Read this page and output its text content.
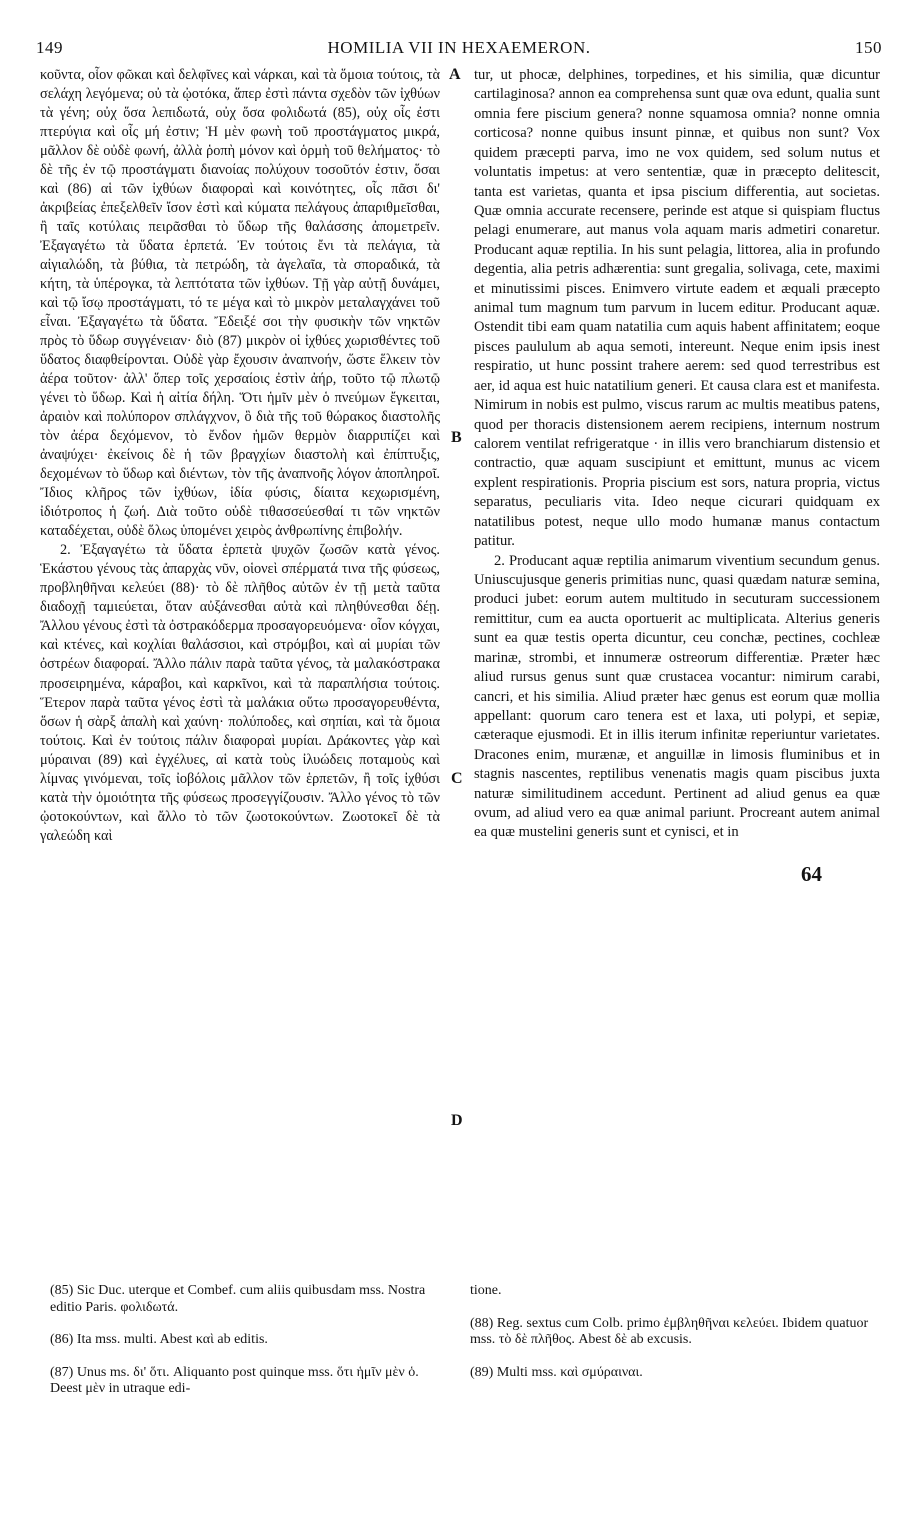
149	HOMILIA VII IN HEXAEMERON.	150
κοῦντα, οἷον φῶκαι καὶ δελφῖνες καὶ νάρκαι, καὶ τὰ ὅμοια τούτοις, τὰ σελάχη λεγόμενα; οὐ τὰ ᾠοτόκα, ἅπερ ἐστὶ πάντα σχεδὸν τῶν ἰχθύων τὰ γένη; οὐχ ὅσα λεπιδωτά, οὐχ ὅσα φολιδωτά (85), οὐχ οἷς ἐστι πτερύγια καὶ οἷς μή ἐστιν; Ἡ μὲν φωνὴ τοῦ προστάγματος μικρά, μᾶλλον δὲ οὐδὲ φωνή, ἀλλὰ ῥοπὴ μόνον καὶ ὁρμὴ τοῦ θελήματος· τὸ δὲ τῆς ἐν τῷ προστάγματι διανοίας πολύχουν τοσοῦτόν ἐστιν, ὅσαι καὶ (86) αἱ τῶν ἰχθύων διαφοραὶ καὶ κοινότητες, οἷς πᾶσι δι' ἀκριβείας ἐπεξελθεῖν ἴσον ἐστὶ καὶ κύματα πελάγους ἀπαριθμεῖσθαι, ἢ ταῖς κοτύλαις πειρᾶσθαι τὸ ὕδωρ τῆς θαλάσσης ἀπομετρεῖν. Ἐξαγαγέτω τὰ ὕδατα ἑρπετά. Ἐν τούτοις ἔνι τὰ πελάγια, τὰ αἰγιαλώδη, τὰ βύθια, τὰ πετρώδη, τὰ ἀγελαῖα, τὰ σποραδικά, τὰ κήτη, τὰ ὑπέρογκα, τὰ λεπτότατα τῶν ἰχθύων. Τῇ γὰρ αὐτῇ δυνάμει, καὶ τῷ ἴσῳ προστάγματι, τό τε μέγα καὶ τὸ μικρὸν μεταλαγχάνει τοῦ εἶναι. Ἐξαγαγέτω τὰ ὕδατα. Ἔδειξέ σοι τὴν φυσικὴν τῶν νηκτῶν πρὸς τὸ ὕδωρ συγγένειαν· διὸ (87) μικρὸν οἱ ἰχθύες χωρισθέντες τοῦ ὕδατος διαφθείρονται. Οὐδὲ γὰρ ἔχουσιν ἀναπνοήν, ὥστε ἕλκειν τὸν ἀέρα τοῦτον· ἀλλ' ὅπερ τοῖς χερσαίοις ἐστὶν ἀήρ, τοῦτο τῷ πλωτῷ γένει τὸ ὕδωρ. Καὶ ἡ αἰτία δήλη. Ὅτι ἡμῖν μὲν ὁ πνεύμων ἔγκειται, ἀραιὸν καὶ πολύπορον σπλάγχνον, ὃ διὰ τῆς τοῦ θώρακος διαστολῆς τὸν ἀέρα δεχόμενον, τὸ ἔνδον ἡμῶν θερμὸν διαρριπίζει καὶ ἀναψύχει· ἐκείνοις δὲ ἡ τῶν βραγχίων διαστολὴ καὶ ἐπίπτυξις, δεχομένων τὸ ὕδωρ καὶ διέντων, τὸν τῆς ἀναπνοῆς λόγον ἀποπληροῖ. Ἴδιος κλῆρος τῶν ἰχθύων, ἰδία φύσις, δίαιτα κεχωρισμένη, ἰδιότροπος ἡ ζωή. Διὰ τοῦτο οὐδὲ τιθασσεύεσθαί τι τῶν νηκτῶν καταδέχεται, οὐδὲ ὅλως ὑπομένει χειρὸς ἀνθρωπίνης ἐπιβολήν.
2. Ἐξαγαγέτω τὰ ὕδατα ἑρπετὰ ψυχῶν ζωσῶν κατὰ γένος. Ἑκάστου γένους τὰς ἀπαρχὰς νῦν, οἱονεὶ σπέρματά τινα τῆς φύσεως, προβληθῆναι κελεύει (88)· τὸ δὲ πλῆθος αὐτῶν ἐν τῇ μετὰ ταῦτα διαδοχῇ ταμιεύεται, ὅταν αὐξάνεσθαι αὐτὰ καὶ πληθύνεσθαι δέῃ. Ἄλλου γένους ἐστὶ τὰ ὀστρακόδερμα προσαγορευόμενα· οἷον κόγχαι, καὶ κτένες, καὶ κοχλίαι θαλάσσιοι, καὶ στρόμβοι, καὶ αἱ μυρίαι τῶν ὀστρέων διαφοραί. Ἄλλο πάλιν παρὰ ταῦτα γένος, τὰ μαλακόστρακα προσειρημένα, κάραβοι, καὶ καρκῖνοι, καὶ τὰ παραπλήσια τούτοις. Ἕτερον παρὰ ταῦτα γένος ἐστὶ τὰ μαλάκια οὕτω προσαγορευθέντα, ὅσων ἡ σὰρξ ἁπαλὴ καὶ χαύνη· πολύποδες, καὶ σηπίαι, καὶ τὰ ὅμοια τούτοις. Καὶ ἐν τούτοις πάλιν διαφοραὶ μυρίαι. Δράκοντες γὰρ καὶ μύραιναι (89) καὶ ἐγχέλυες, αἱ κατὰ τοὺς ἰλυώδεις ποταμοὺς καὶ λίμνας γινόμεναι, τοῖς ἰοβόλοις μᾶλλον τῶν ἑρπετῶν, ἢ τοῖς ἰχθύσι κατὰ τὴν ὁμοιότητα τῆς φύσεως προσεγγίζουσιν. Ἄλλο γένος τὸ τῶν ᾠοτοκούντων, καὶ ἄλλο τὸ τῶν ζωοτοκούντων. Ζωοτοκεῖ δὲ τὰ γαλεώδη καὶ
tur, ut phocæ, delphines, torpedines, et his similia, quæ dicuntur cartilaginosa? annon ea comprehensa sunt quæ ova edunt, qualia sunt omnia fere piscium genera? nonne squamosa omnia? nonne omnia corticosa? nonne quibus insunt pinnæ, et quibus non sunt? Vox quidem præcepti parva, imo ne vox quidem, sed solum nutus et voluntatis impetus: at vero sententiæ, quæ in præcepto delitescit, tanta est varietas, quanta et ipsa piscium differentia, aut societas. Quæ omnia accurate recensere, perinde est atque si quispiam fluctus pelagi enumerare, aut manus vola aquam maris admetiri conaretur. Producant aquæ reptilia. In his sunt pelagia, littorea, alia in profundo degentia, alia petris adhærentia: sunt gregalia, solivaga, cete, maximi et minutissimi pisces. Enimvero virtute eadem et æquali præcepto animal tum magnum tum parvum in lucem editur. Producant aquæ. Ostendit tibi eam quam natatilia cum aquis habent affinitatem; eoque pisces paululum ab aqua semoti, intereunt. Neque enim ipsis inest respiratio, ut hunc possint trahere aerem: sed quod terrestribus est aer, id aqua est huic natatilium generi. Et causa clara est et manifesta. Nimirum in nobis est pulmo, viscus rarum ac multis meatibus patens, quod per thoracis distensionem aerem recipiens, internum nostrum calorem ventilat refrigeratque · in illis vero branchiarum distensio et contractio, quæ aquam suscipiunt et emittunt, munus ac vicem explent respirationis. Propria piscium est sors, natura propria, victus separatus, peculiaris vita. Ideo neque cicurari quidquam ex natatilibus potest, neque ullo modo humanæ manus contactum patitur.
2. Producant aquæ reptilia animarum viventium secundum genus. Uniuscujusque generis primitias nunc, quasi quædam naturæ semina, produci jubet: eorum autem multitudo in secuturam successionem remittitur, cum ea aucta oportuerit ac multiplicata. Alterius generis sunt ea quæ testis operta dicuntur, ceu conchæ, pectines, cochleæ marinæ, strombi, et innumeræ ostreorum differentiæ. Præter hæc aliud rursus genus sunt quæ crustacea vocantur: nimirum carabi, cancri, et his similia. Aliud præter hæc genus est eorum quæ mollia appellant: quorum caro tenera est et laxa, uti polypi, et sepiæ, cæteraque ejusmodi. Et in illis iterum infinitæ reperiuntur varietates. Dracones enim, murænæ, et anguillæ in limosis fluminibus et in stagnis nascentes, reptilibus venenatis magis quam piscibus juxta naturæ similitudinem accedunt. Pertinent ad aliud genus ea quæ ovum, ad aliud vero ea quæ animal pariunt. Procreant autem animal ea quæ mustelini generis sunt et cynisci, et in
A
B
C
D
64

(85) Sic Duc. uterque et Combef. cum aliis quibusdam mss. Nostra editio Paris. φολιδωτά.

(86) Ita mss. multi. Abest καὶ ab editis.

(87) Unus ms. δι' ὅτι. Aliquanto post quinque mss. ὅτι ἡμῖν μὲν ὁ. Deest μὲν in utraque edi-

tione.

(88) Reg. sextus cum Colb. primo ἐμβληθῆναι κελεύει. Ibidem quatuor mss. τὸ δὲ πλῆθος. Abest δὲ ab excusis.

(89) Multi mss. καὶ σμύραιναι.
